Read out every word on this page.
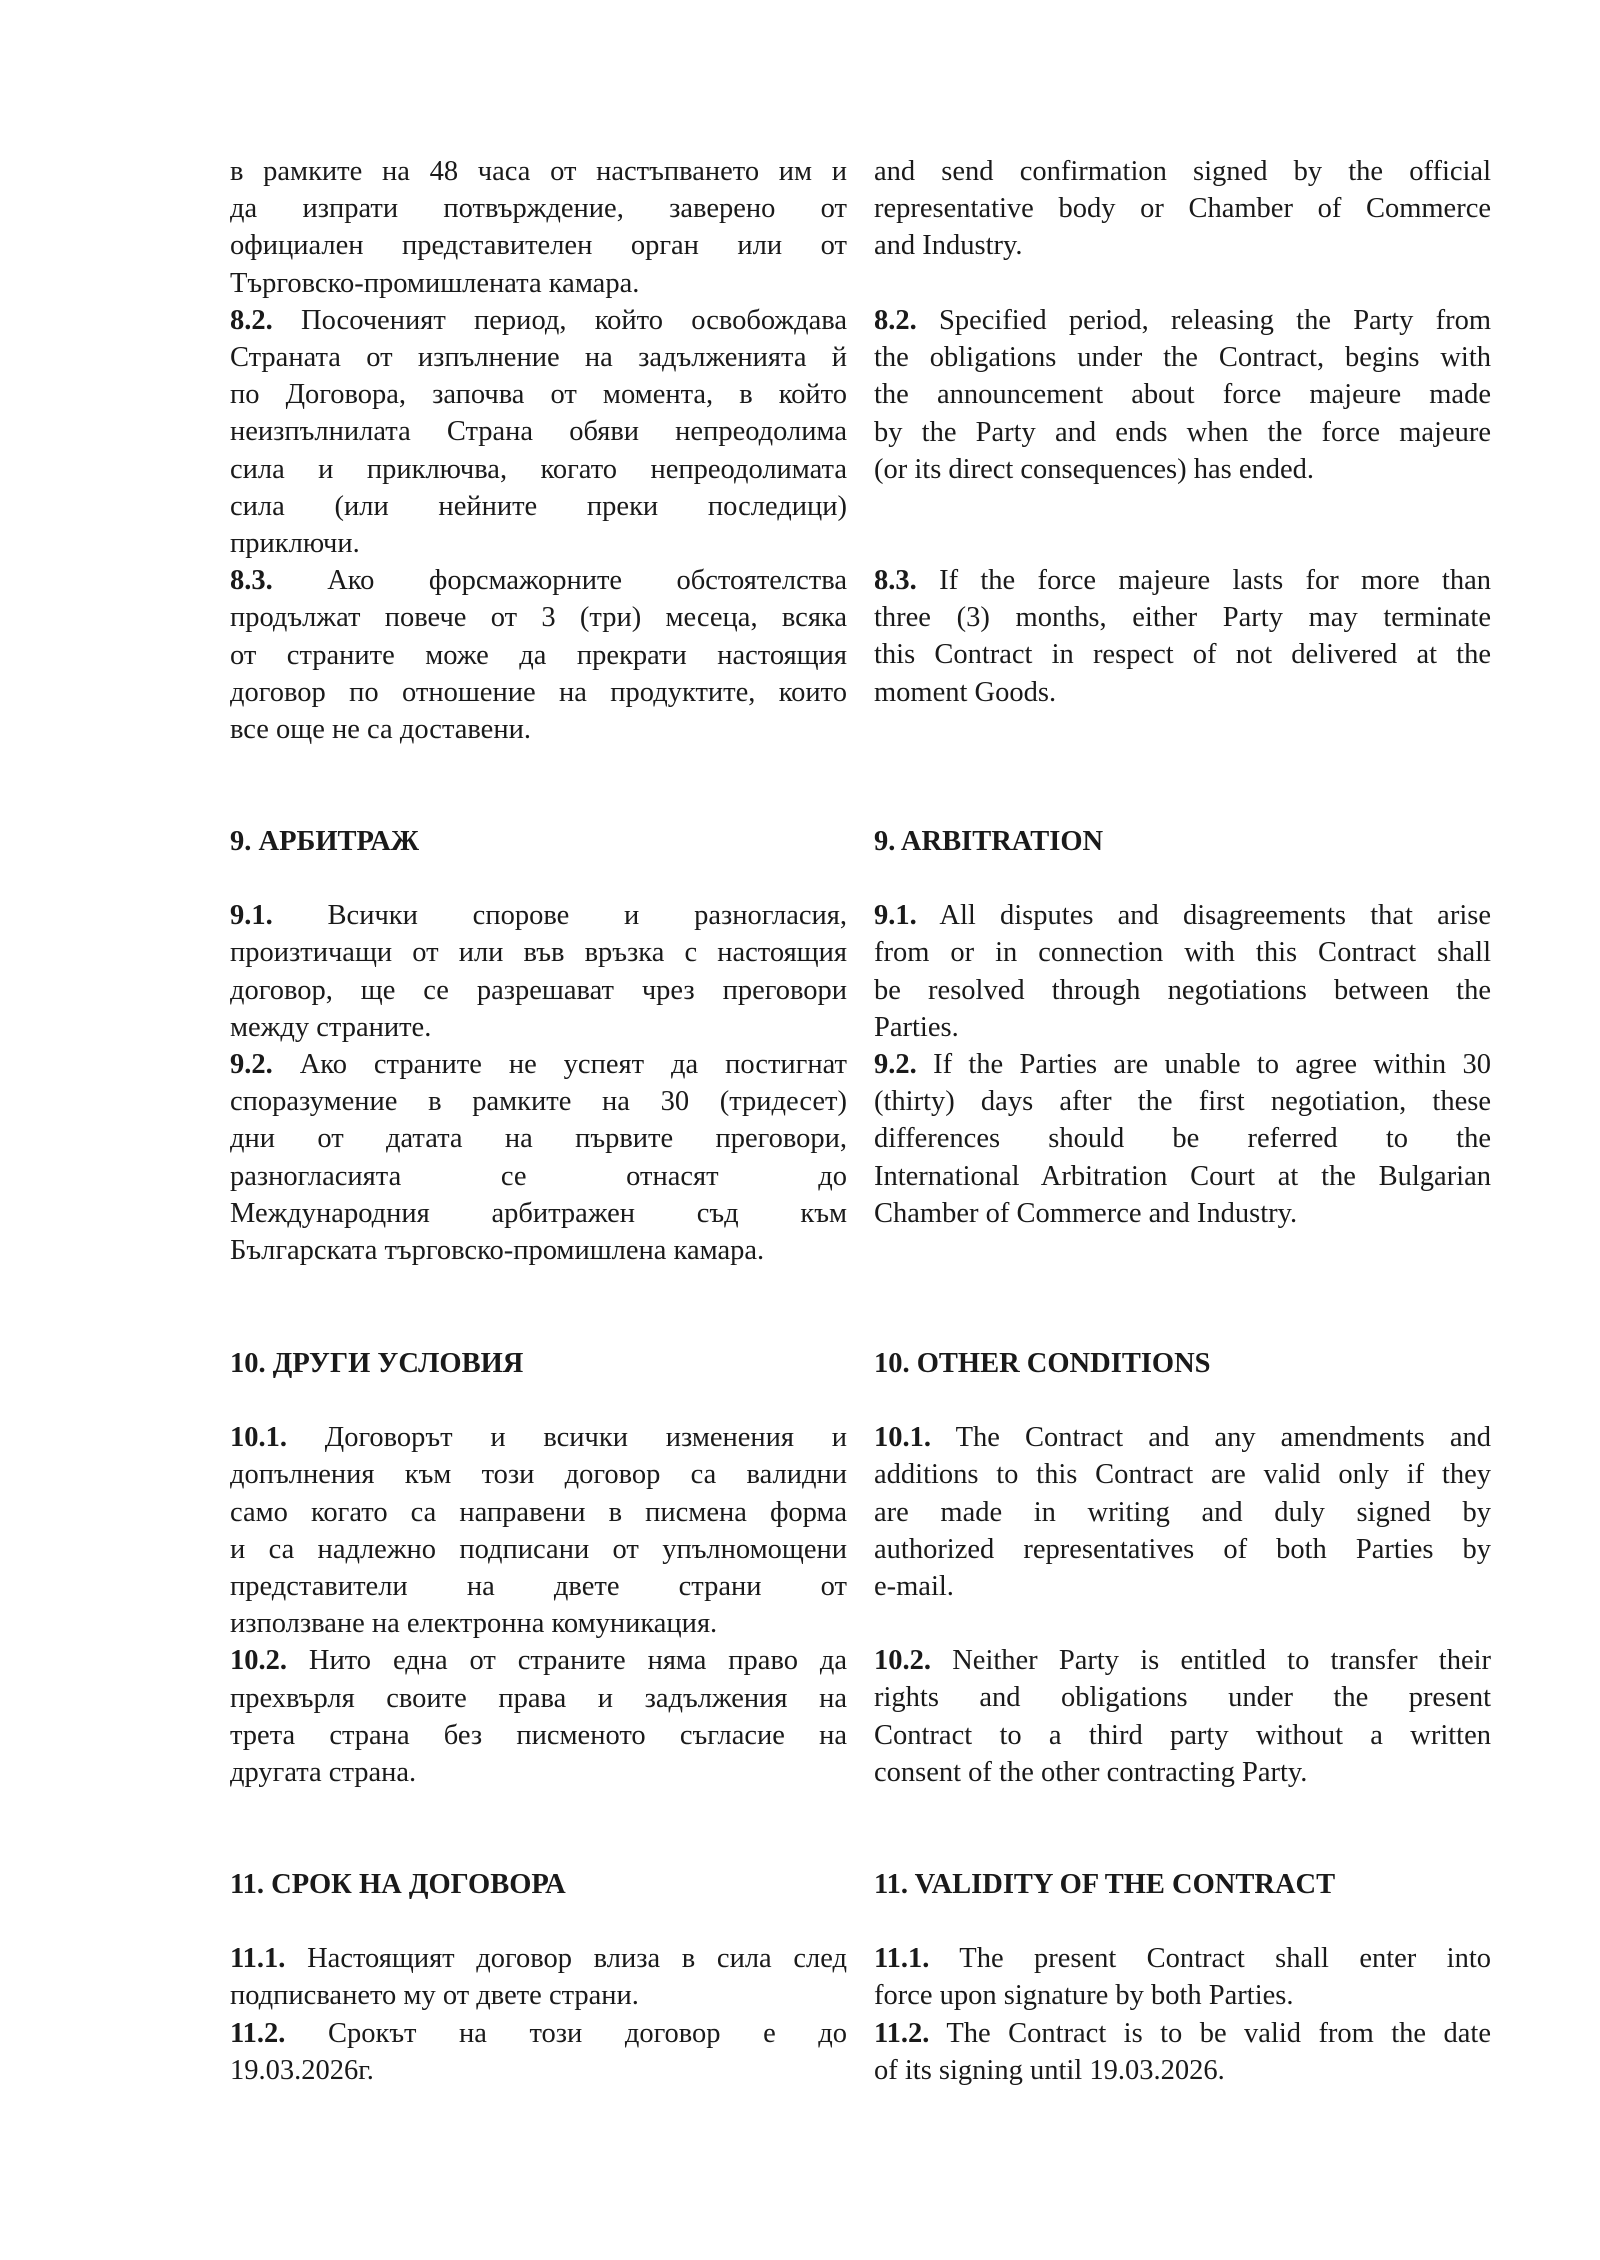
в рамките на 48 часа от настъпването им и

да изпрати потвърждение, заверено от

официален представителен орган или от

Търговско-промишлената камара.

8.2. Посоченият период, който освобождава

Страната от изпълнение на задълженията й

по Договора, започва от момента, в който

неизпълнилата Страна обяви непреодолима

сила и приключва, когато непреодолимата

сила (или нейните преки последици)

приключи.

8.3. Ако форсмажорните обстоятелства

продължат повече от 3 (три) месеца, всяка

от страните може да прекрати настоящия

договор по отношение на продуктите, които

все още не са доставени.

and send confirmation signed by the official

representative body or Chamber of Commerce

and Industry.

8.2. Specified period, releasing the Party from

the obligations under the Contract, begins with

the announcement about force majeure made

by the Party and ends when the force majeure

(or its direct consequences) has ended.

8.3. If the force majeure lasts for more than

three (3) months, either Party may terminate

this Contract in respect of not delivered at the

moment Goods.

9. АРБИТРАЖ

9.1. Всички спорове и разногласия,

произтичащи от или във връзка с настоящия

договор, ще се разрешават чрез преговори

между страните.

9.2. Ако страните не успеят да постигнат

споразумение в рамките на 30 (тридесет)

дни от датата на първите преговори,

разногласията се отнасят до

Международния арбитражен съд към

Българската търговско-промишлена камара.

9. ARBITRATION

9.1. All disputes and disagreements that arise

from or in connection with this Contract shall

be resolved through negotiations between the

Parties.

9.2. If the Parties are unable to agree within 30

(thirty) days after the first negotiation, these

differences should be referred to the

International Arbitration Court at the Bulgarian

Chamber of Commerce and Industry.

10. ДРУГИ УСЛОВИЯ

10.1. Договорът и всички изменения и

допълнения към този договор са валидни

само когато са направени в писмена форма

и са надлежно подписани от упълномощени

представители на двете страни от

използване на електронна комуникация.

10.2. Нито една от страните няма право да

прехвърля своите права и задължения на

трета страна без писменото съгласие на

другата страна.

10. OTHER CONDITIONS

10.1. The Contract and any amendments and

additions to this Contract are valid only if they

are made in writing and duly signed by

authorized representatives of both Parties by

e-mail.

10.2. Neither Party is entitled to transfer their

rights and obligations under the present

Contract to a third party without a written

consent of the other contracting Party.

11. СРОК НА ДОГОВОРА

11.1. Настоящият договор влиза в сила след

подписването му от двете страни.

11.2. Срокът на този договор е до

19.03.2026г.

11. VALIDITY OF THE CONTRACT

11.1. The present Contract shall enter into

force upon signature by both Parties.

11.2. The Contract is to be valid from the date

of its signing until 19.03.2026.
